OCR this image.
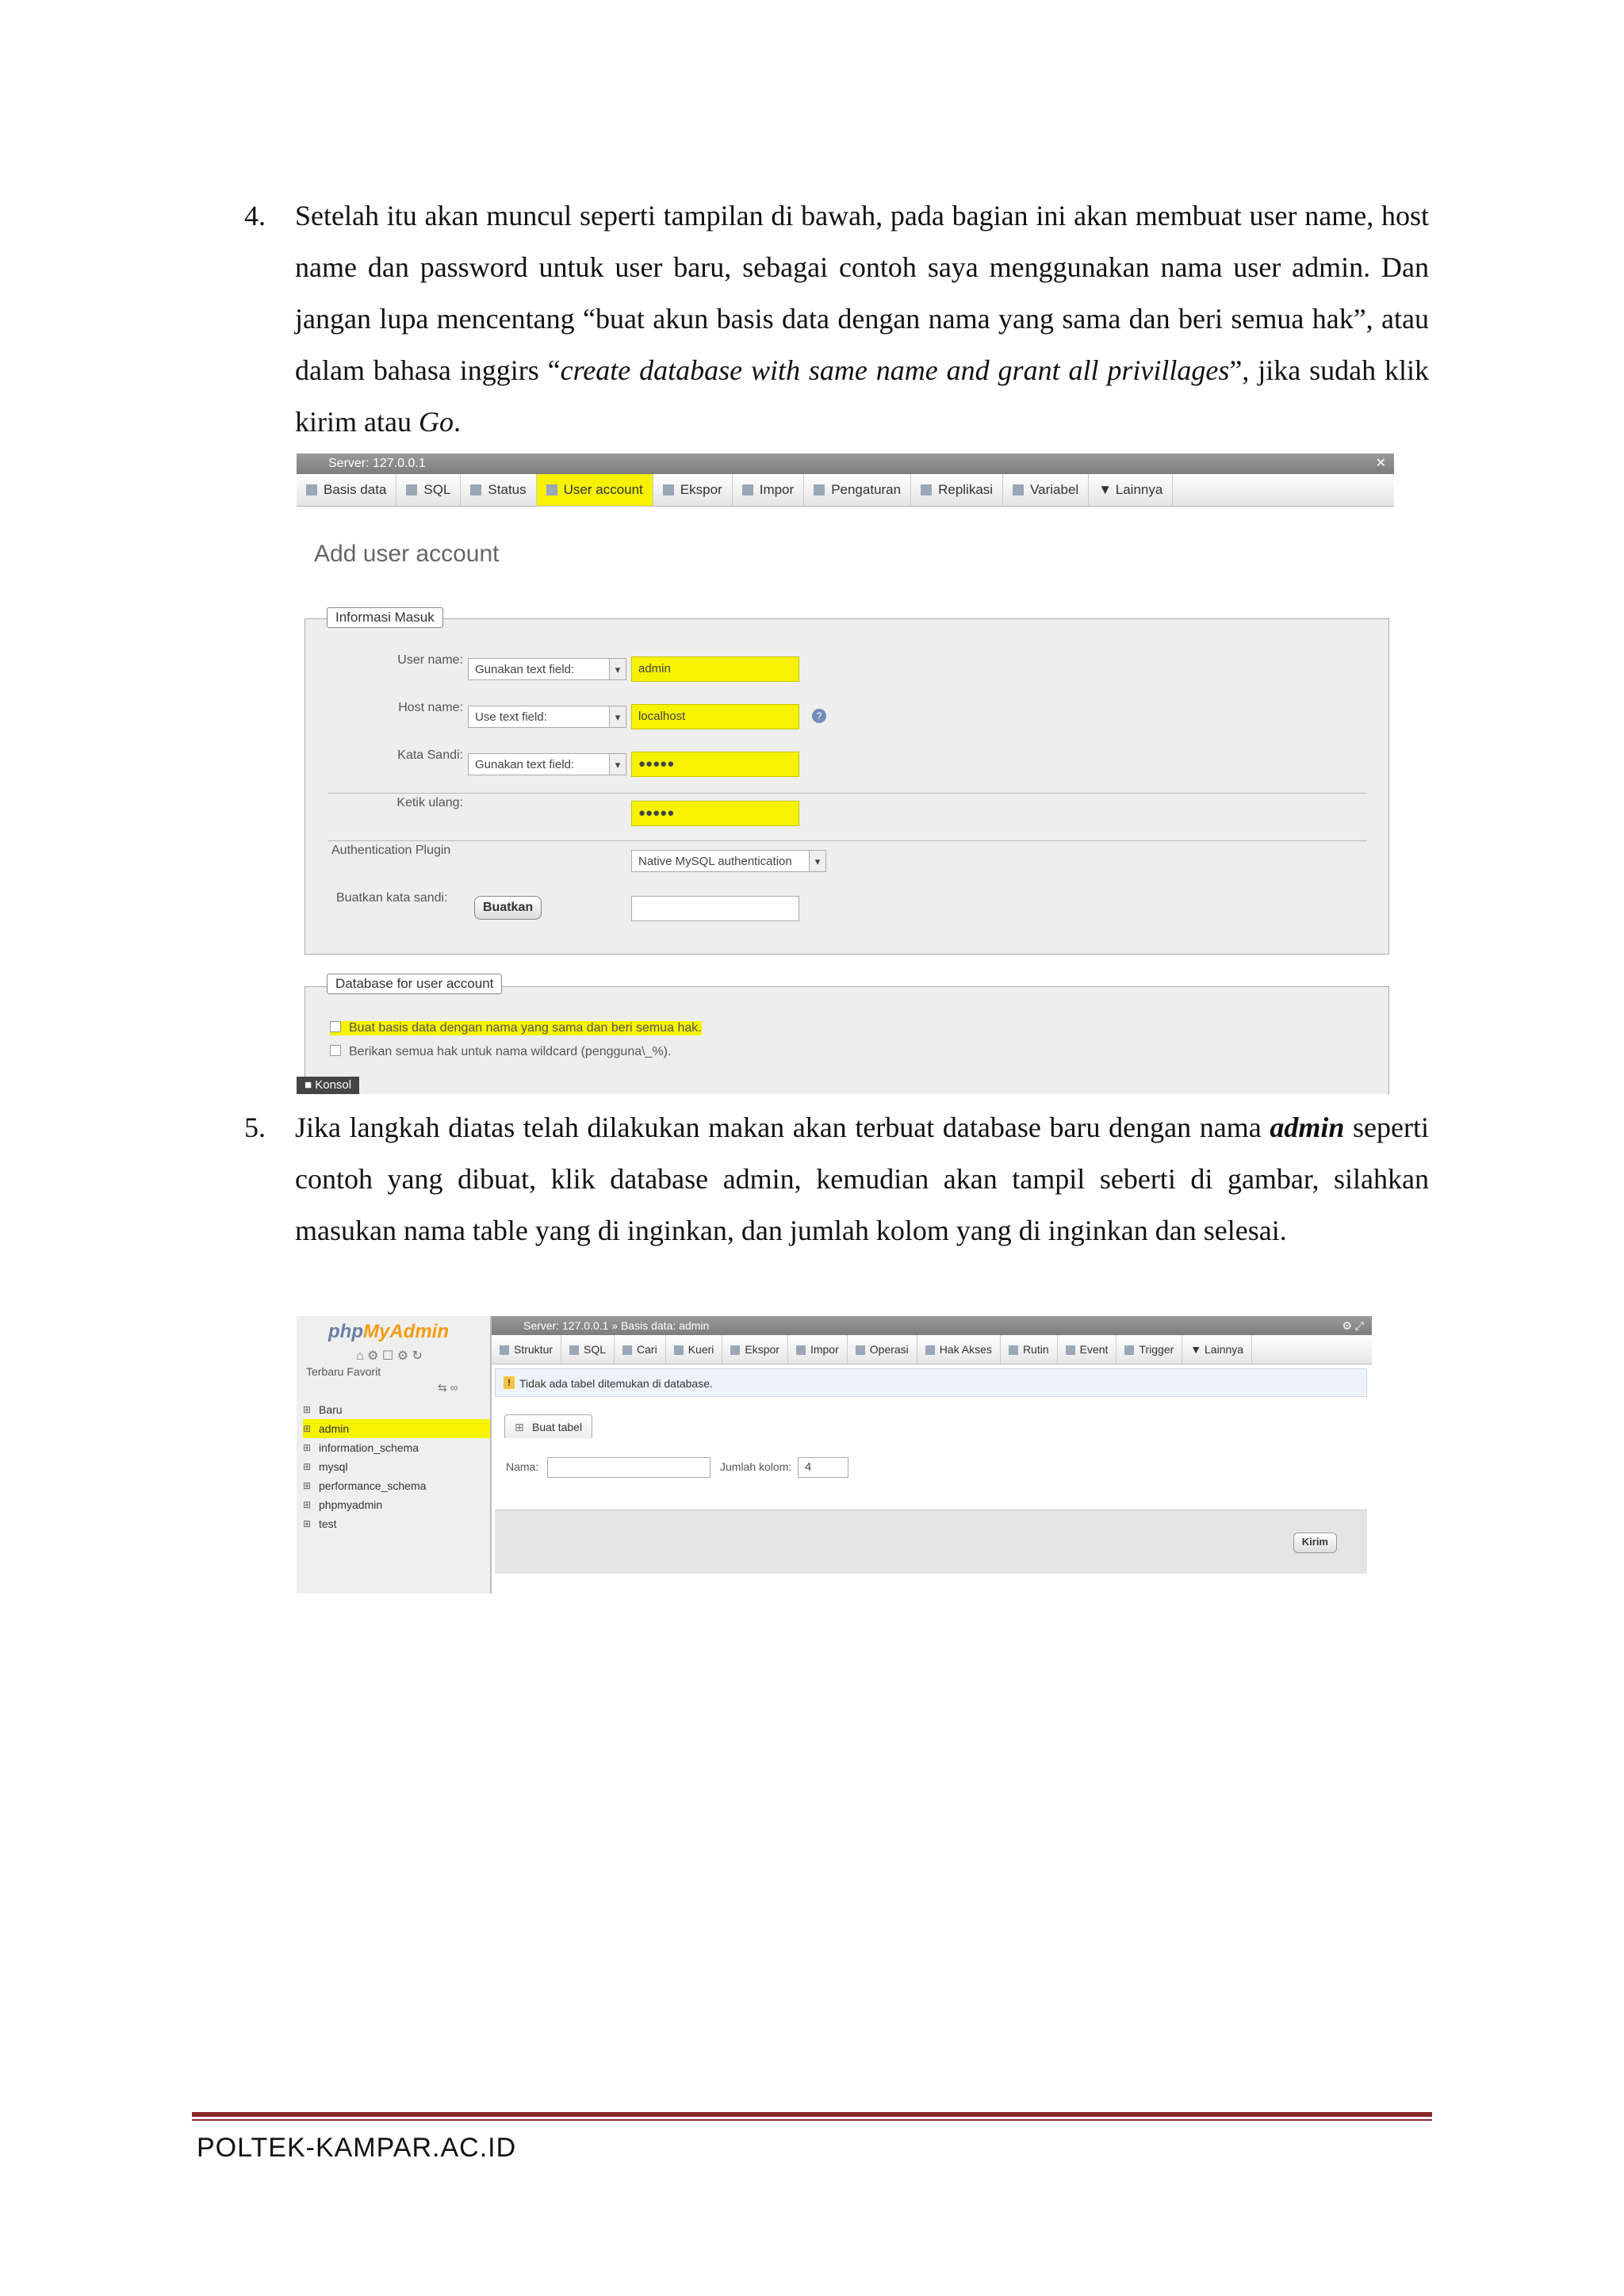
4.	Setelah itu akan muncul seperti tampilan di bawah, pada bagian ini akan membuat user name, host name dan password untuk user baru, sebagai contoh saya menggunakan nama user admin. Dan jangan lupa mencentang “buat akun basis data dengan nama yang sama dan beri semua hak”, atau dalam bahasa inggirs “create database with same name and grant all privillages”, jika sudah klik kirim atau Go.
Server: 127.0.0.1	✕
Basis data	SQL	Status	User account	Ekspor	Impor	Pengaturan	Replikasi	Variabel	▼ Lainnya
Add user account
Informasi Masuk
User name:
Gunakan text field: ▾	admin
Host name:
Use text field: ▾	localhost	?
Kata Sandi:
Gunakan text field: ▾	●●●●●
Ketik ulang:
●●●●●
Authentication Plugin
Native MySQL authentication ▾
Buatkan kata sandi:
Buatkan
Database for user account
Buat basis data dengan nama yang sama dan beri semua hak.
Berikan semua hak untuk nama wildcard (pengguna\_%).
■ Konsol
5.	Jika langkah diatas telah dilakukan makan akan terbuat database baru dengan nama admin seperti contoh yang dibuat, klik database admin, kemudian akan tampil seberti di gambar, silahkan masukan nama table yang di inginkan, dan jumlah kolom yang di inginkan dan selesai.
phpMyAdmin
⌂ ⚙ ☐ ⚙ ↻
Terbaru Favorit
⇆ ∞
⊞ Baru
⊞ admin
⊞ information_schema
⊞ mysql
⊞ performance_schema
⊞ phpmyadmin
⊞ test
Server: 127.0.0.1 » Basis data: admin	⚙ ⤢
Struktur	SQL	Cari	Kueri	Ekspor	Impor	Operasi	Hak Akses	Rutin	Event	Trigger	▼ Lainnya
! Tidak ada tabel ditemukan di database.
⊞ Buat tabel
Nama:	Jumlah kolom:	4
Kirim
POLTEK-KAMPAR.AC.ID
